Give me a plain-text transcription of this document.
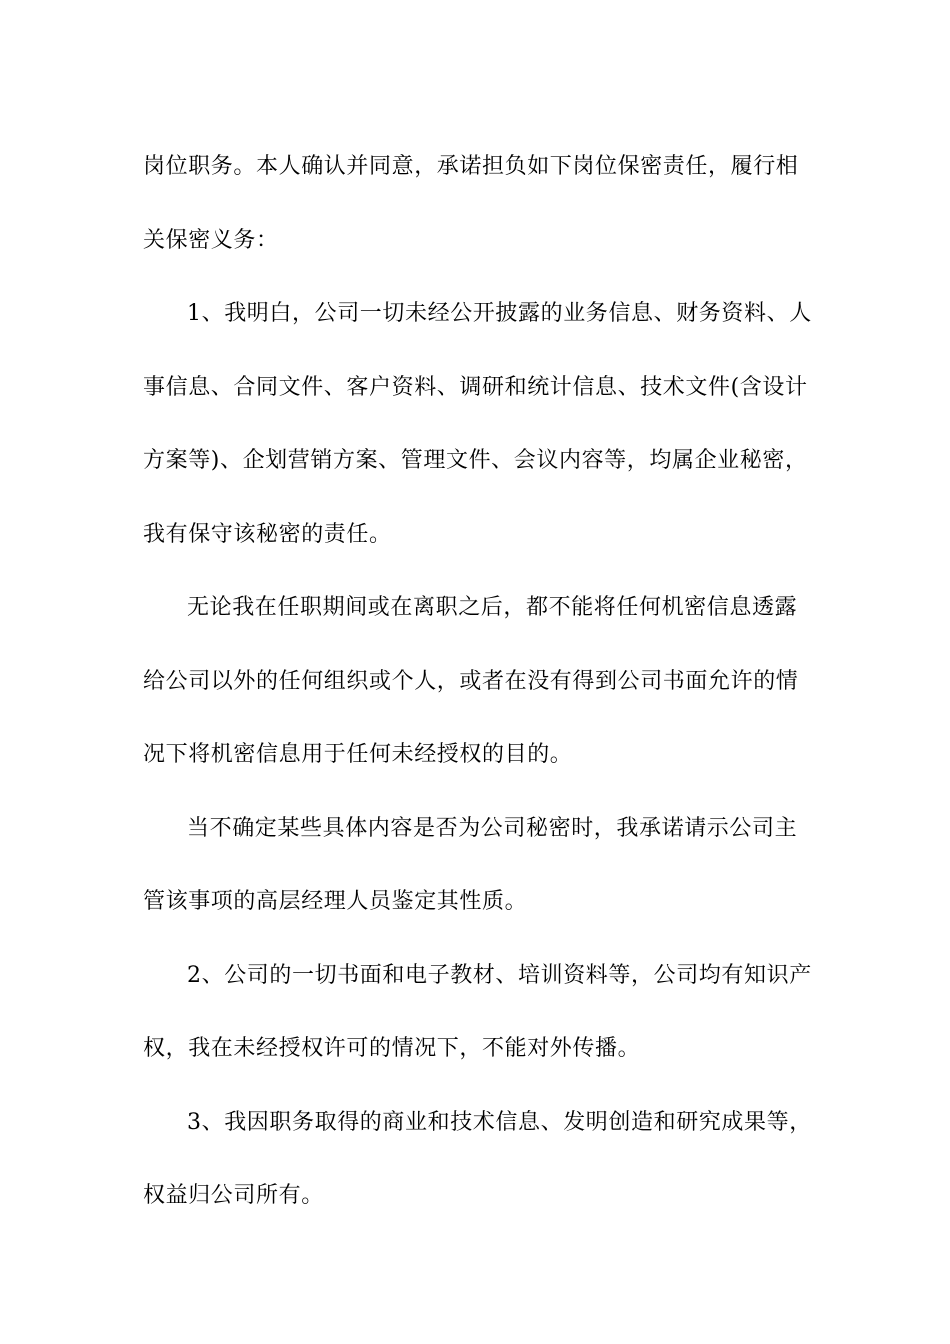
岗位职务。本人确认并同意，承诺担负如下岗位保密责任，履行相
关保密义务：

1、我明白，公司一切未经公开披露的业务信息、财务资料、人
事信息、合同文件、客户资料、调研和统计信息、技术文件(含设计
方案等)、企划营销方案、管理文件、会议内容等，均属企业秘密，
我有保守该秘密的责任。

无论我在任职期间或在离职之后，都不能将任何机密信息透露
给公司以外的任何组织或个人，或者在没有得到公司书面允许的情
况下将机密信息用于任何未经授权的目的。

当不确定某些具体内容是否为公司秘密时，我承诺请示公司主
管该事项的高层经理人员鉴定其性质。

2、公司的一切书面和电子教材、培训资料等，公司均有知识产
权，我在未经授权许可的情况下，不能对外传播。

3、我因职务取得的商业和技术信息、发明创造和研究成果等，
权益归公司所有。
